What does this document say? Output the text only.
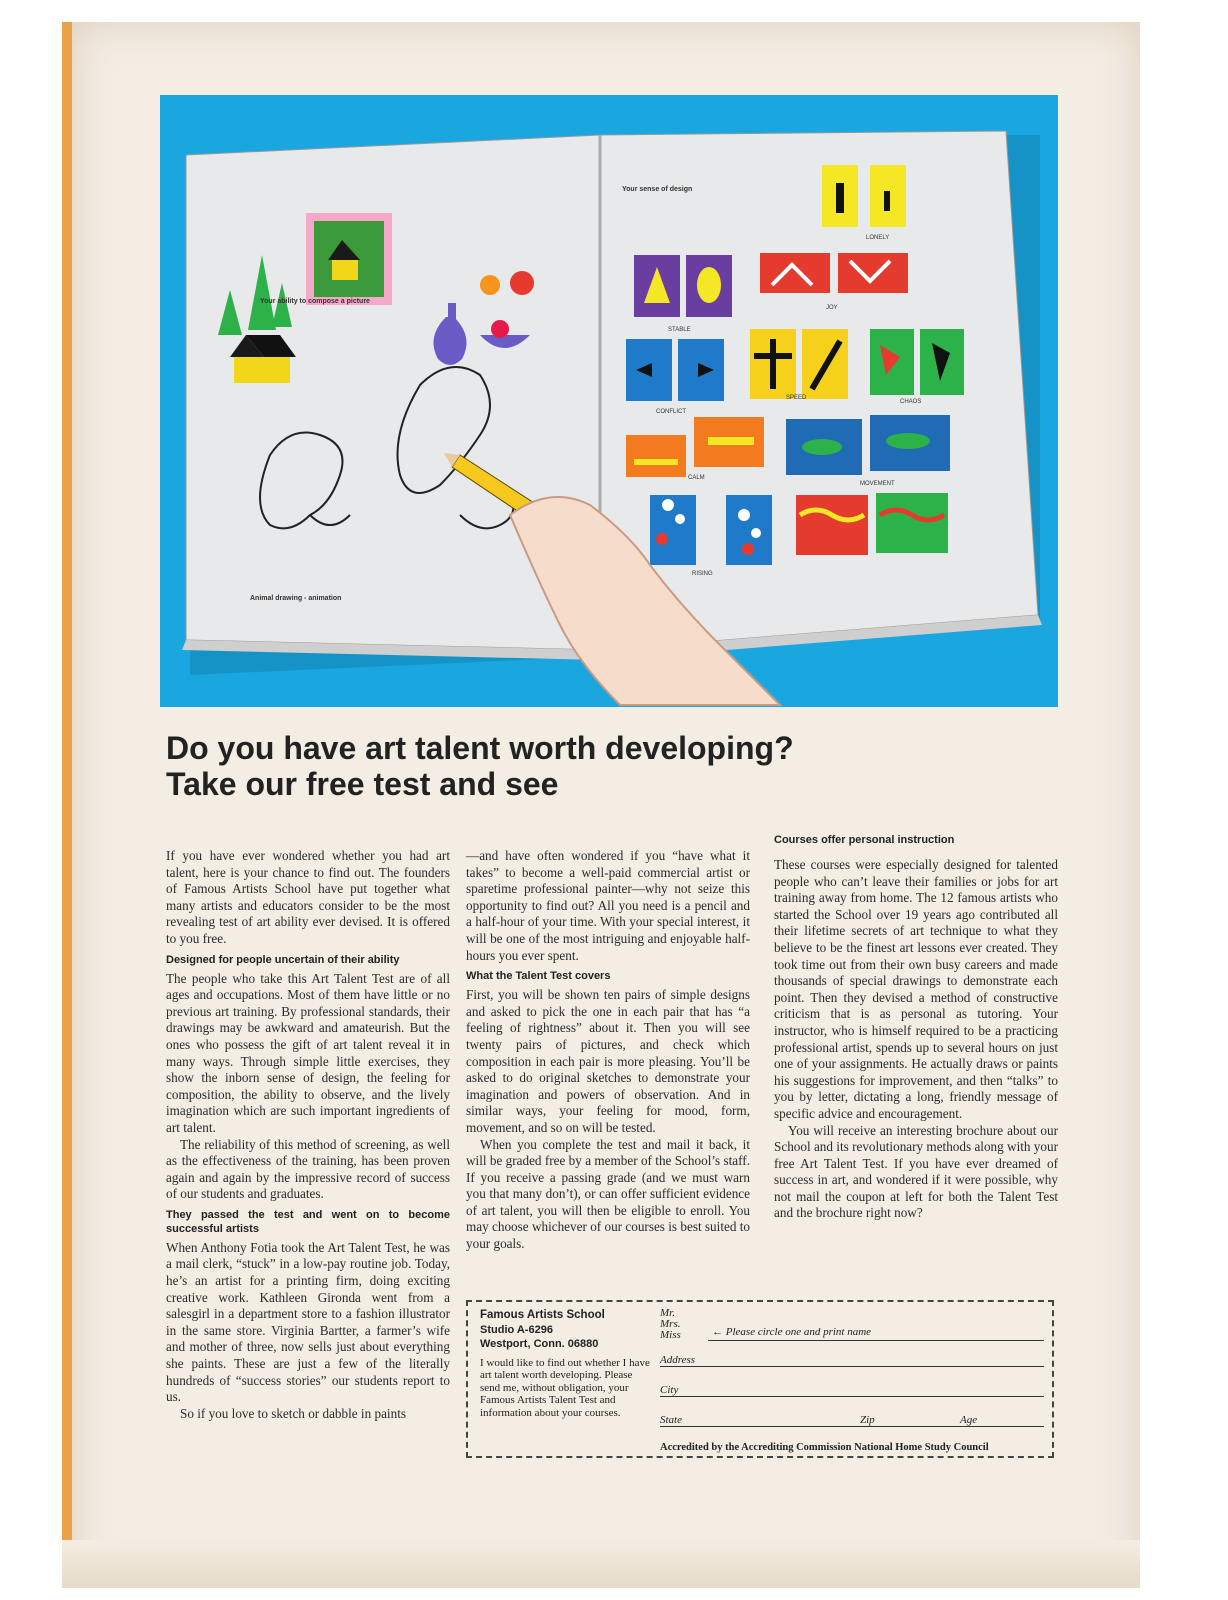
Your ability to compose a picture
Animal drawing - animation
Your sense of design
LONELY
STABLE
JOY
CONFLICT
SPEED
CHAOS
CALM
MOVEMENT
RISING
Do you have art talent worth developing?
Take our free test and see

If you have ever wondered whether you had art talent, here is your chance to find out. The founders of Famous Artists School have put together what many artists and educators consider to be the most revealing test of art ability ever devised. It is offered to you free.

Designed for people uncertain of their ability

The people who take this Art Talent Test are of all ages and occupations. Most of them have little or no previous art training. By professional standards, their drawings may be awkward and amateurish. But the ones who possess the gift of art talent reveal it in many ways. Through simple little exercises, they show the inborn sense of design, the feeling for composition, the ability to observe, and the lively imagination which are such important ingredients of art talent.

The reliability of this method of screening, as well as the effectiveness of the training, has been proven again and again by the impressive record of success of our students and graduates.

They passed the test and went on to become successful artists

When Anthony Fotia took the Art Talent Test, he was a mail clerk, “stuck” in a low-pay routine job. Today, he’s an artist for a printing firm, doing exciting creative work. Kathleen Gironda went from a salesgirl in a department store to a fashion illustrator in the same store. Virginia Bartter, a farmer’s wife and mother of three, now sells just about everything she paints. These are just a few of the literally hundreds of “success stories” our students report to us.

So if you love to sketch or dabble in paints

—and have often wondered if you “have what it takes” to become a well-paid commercial artist or sparetime professional painter—why not seize this opportunity to find out? All you need is a pencil and a half-hour of your time. With your special interest, it will be one of the most intriguing and enjoyable half-hours you ever spent.

What the Talent Test covers

First, you will be shown ten pairs of simple designs and asked to pick the one in each pair that has “a feeling of rightness” about it. Then you will see twenty pairs of pictures, and check which composition in each pair is more pleasing. You’ll be asked to do original sketches to demonstrate your imagination and powers of observation. And in similar ways, your feeling for mood, form, movement, and so on will be tested.

When you complete the test and mail it back, it will be graded free by a member of the School’s staff. If you receive a passing grade (and we must warn you that many don’t), or can offer sufficient evidence of art talent, you will then be eligible to enroll. You may choose whichever of our courses is best suited to your goals.

Courses offer personal instruction

These courses were especially designed for talented people who can’t leave their families or jobs for art training away from home. The 12 famous artists who started the School over 19 years ago contributed all their lifetime secrets of art technique to what they believe to be the finest art lessons ever created. They took time out from their own busy careers and made thousands of special drawings to demonstrate each point. Then they devised a method of constructive criticism that is as personal as tutoring. Your instructor, who is himself required to be a practicing professional artist, spends up to several hours on just one of your assignments. He actually draws or paints his suggestions for improvement, and then “talks” to you by letter, dictating a long, friendly message of specific advice and encouragement.

You will receive an interesting brochure about our School and its revolutionary methods along with your free Art Talent Test. If you have ever dreamed of success in art, and wondered if it were possible, why not mail the coupon at left for both the Talent Test and the brochure right now?

Famous Artists School
Studio A-6296
Westport, Conn. 06880
I would like to find out whether I have art talent worth developing. Please send me, without obligation, your Famous Artists Talent Test and information about your courses.
Mr.
Mrs.
Miss	← Please circle one and print name
Address
City
State	Zip	Age
Accredited by the Accrediting Commission National Home Study Council
